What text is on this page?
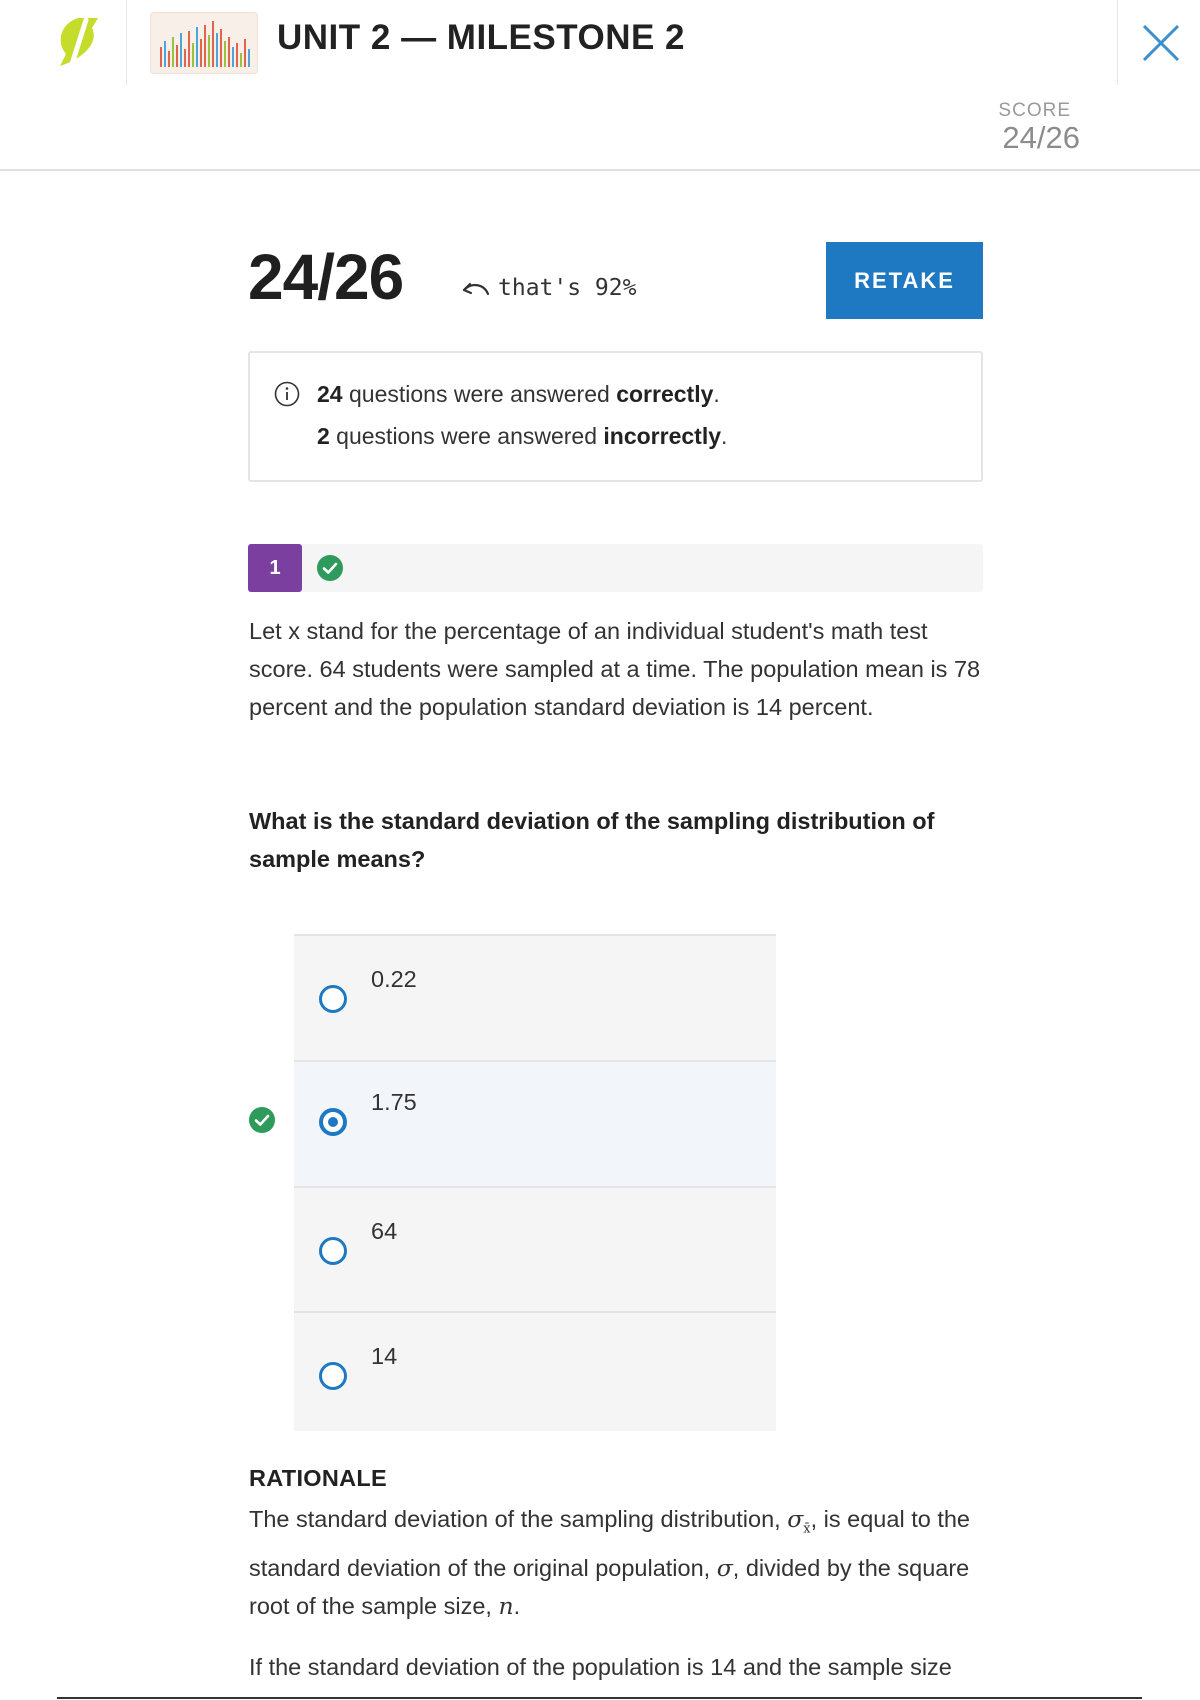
UNIT 2 — MILESTONE 2
SCORE
24/26
24/26	that's 92%	RETAKE
24 questions were answered correctly.
2 questions were answered incorrectly.
1
Let x stand for the percentage of an individual student's math test score. 64 students were sampled at a time. The population mean is 78 percent and the population standard deviation is 14 percent.
What is the standard deviation of the sampling distribution of sample means?
0.22
1.75
64
14
RATIONALE
The standard deviation of the sampling distribution, $\sigma_{x̄}$, is equal to the standard deviation of the original population, σ, divided by the square root of the sample size, n.
If the standard deviation of the population is 14 and the sample size
